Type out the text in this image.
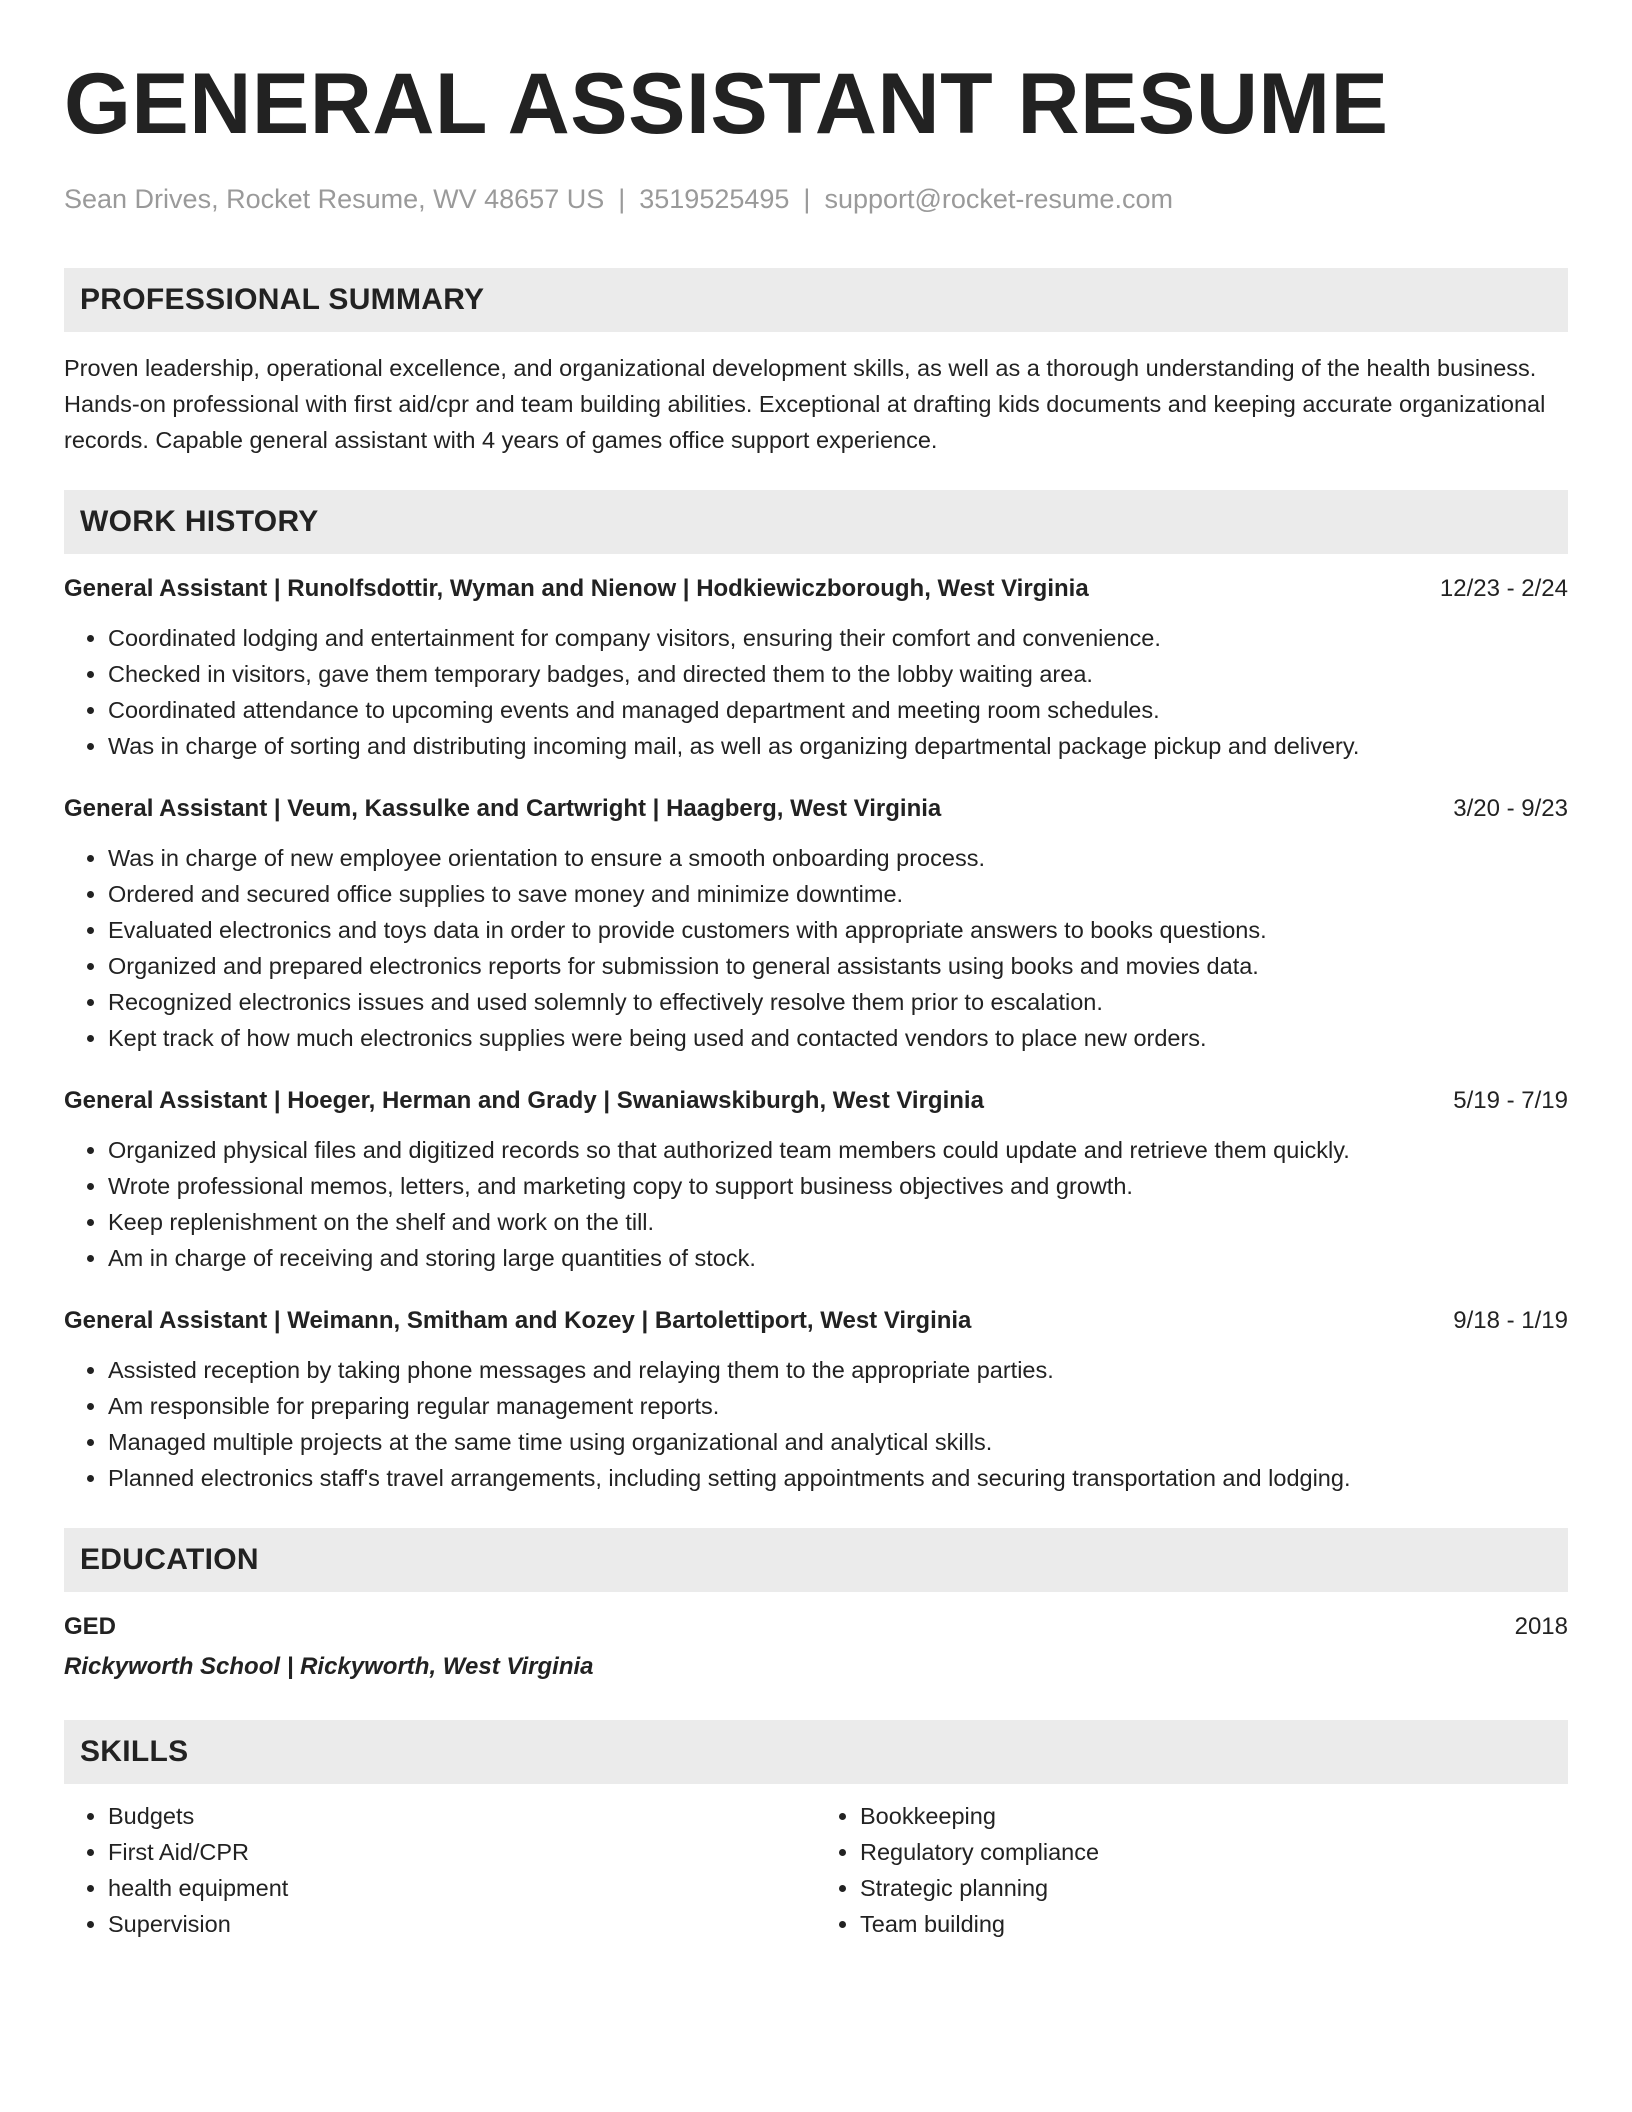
GENERAL ASSISTANT RESUME
Sean Drives, Rocket Resume, WV 48657 US | 3519525495 | support@rocket-resume.com
PROFESSIONAL SUMMARY

Proven leadership, operational excellence, and organizational development skills, as well as a thorough understanding of the health business. Hands-on professional with first aid/cpr and team building abilities. Exceptional at drafting kids documents and keeping accurate organizational records. Capable general assistant with 4 years of games office support experience.

WORK HISTORY
General Assistant | Runolfsdottir, Wyman and Nienow | Hodkiewiczborough, West Virginia	12/23 - 2/24
• Coordinated lodging and entertainment for company visitors, ensuring their comfort and convenience.
• Checked in visitors, gave them temporary badges, and directed them to the lobby waiting area.
• Coordinated attendance to upcoming events and managed department and meeting room schedules.
• Was in charge of sorting and distributing incoming mail, as well as organizing departmental package pickup and delivery.
General Assistant | Veum, Kassulke and Cartwright | Haagberg, West Virginia	3/20 - 9/23
• Was in charge of new employee orientation to ensure a smooth onboarding process.
• Ordered and secured office supplies to save money and minimize downtime.
• Evaluated electronics and toys data in order to provide customers with appropriate answers to books questions.
• Organized and prepared electronics reports for submission to general assistants using books and movies data.
• Recognized electronics issues and used solemnly to effectively resolve them prior to escalation.
• Kept track of how much electronics supplies were being used and contacted vendors to place new orders.
General Assistant | Hoeger, Herman and Grady | Swaniawskiburgh, West Virginia	5/19 - 7/19
• Organized physical files and digitized records so that authorized team members could update and retrieve them quickly.
• Wrote professional memos, letters, and marketing copy to support business objectives and growth.
• Keep replenishment on the shelf and work on the till.
• Am in charge of receiving and storing large quantities of stock.
General Assistant | Weimann, Smitham and Kozey | Bartolettiport, West Virginia	9/18 - 1/19
• Assisted reception by taking phone messages and relaying them to the appropriate parties.
• Am responsible for preparing regular management reports.
• Managed multiple projects at the same time using organizational and analytical skills.
• Planned electronics staff's travel arrangements, including setting appointments and securing transportation and lodging.
EDUCATION
GED	2018
Rickyworth School | Rickyworth, West Virginia
SKILLS
• Budgets
• First Aid/CPR
• health equipment
• Supervision
• Bookkeeping
• Regulatory compliance
• Strategic planning
• Team building
